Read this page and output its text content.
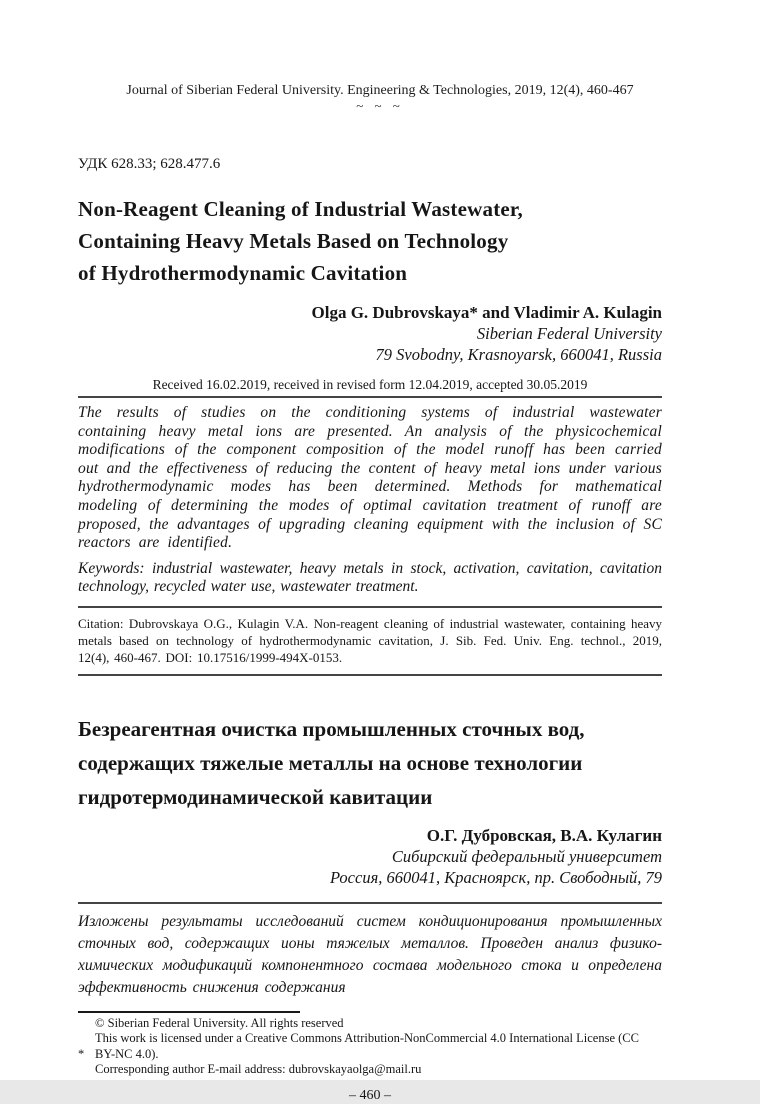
Journal of Siberian Federal University. Engineering & Technologies, 2019, 12(4), 460-467
~ ~ ~
УДК 628.33; 628.477.6
Non-Reagent Cleaning of Industrial Wastewater,
Containing Heavy Metals Based on Technology
of Hydrothermodynamic Cavitation
Olga G. Dubrovskaya* and Vladimir A. Kulagin
Siberian Federal University
79 Svobodny, Krasnoyarsk, 660041, Russia
Received 16.02.2019, received in revised form 12.04.2019, accepted 30.05.2019
The results of studies on the conditioning systems of industrial wastewater containing heavy metal ions are presented. An analysis of the physicochemical modifications of the component composition of the model runoff has been carried out and the effectiveness of reducing the content of heavy metal ions under various hydrothermodynamic modes has been determined. Methods for mathematical modeling of determining the modes of optimal cavitation treatment of runoff are proposed, the advantages of upgrading cleaning equipment with the inclusion of SC reactors are identified.
Keywords: industrial wastewater, heavy metals in stock, activation, cavitation, cavitation technology, recycled water use, wastewater treatment.
Citation: Dubrovskaya O.G., Kulagin V.A. Non-reagent cleaning of industrial wastewater, containing heavy metals based on technology of hydrothermodynamic cavitation, J. Sib. Fed. Univ. Eng. technol., 2019, 12(4), 460-467. DOI: 10.17516/1999-494X-0153.
Безреагентная очистка промышленных сточных вод,
содержащих тяжелые металлы на основе технологии
гидротермодинамической кавитации
О.Г. Дубровская, В.А. Кулагин
Сибирский федеральный университет
Россия, 660041, Красноярск, пр. Свободный, 79
Изложены результаты исследований систем кондиционирования промышленных сточных вод, содержащих ионы тяжелых металлов. Проведен анализ физико-химических модификаций компонентного состава модельного стока и определена эффективность снижения содержания
*
© Siberian Federal University. All rights reserved
This work is licensed under a Creative Commons Attribution-NonCommercial 4.0 International License (CC BY-NC 4.0).
Corresponding author E-mail address: dubrovskayaolga@mail.ru
– 460 –
